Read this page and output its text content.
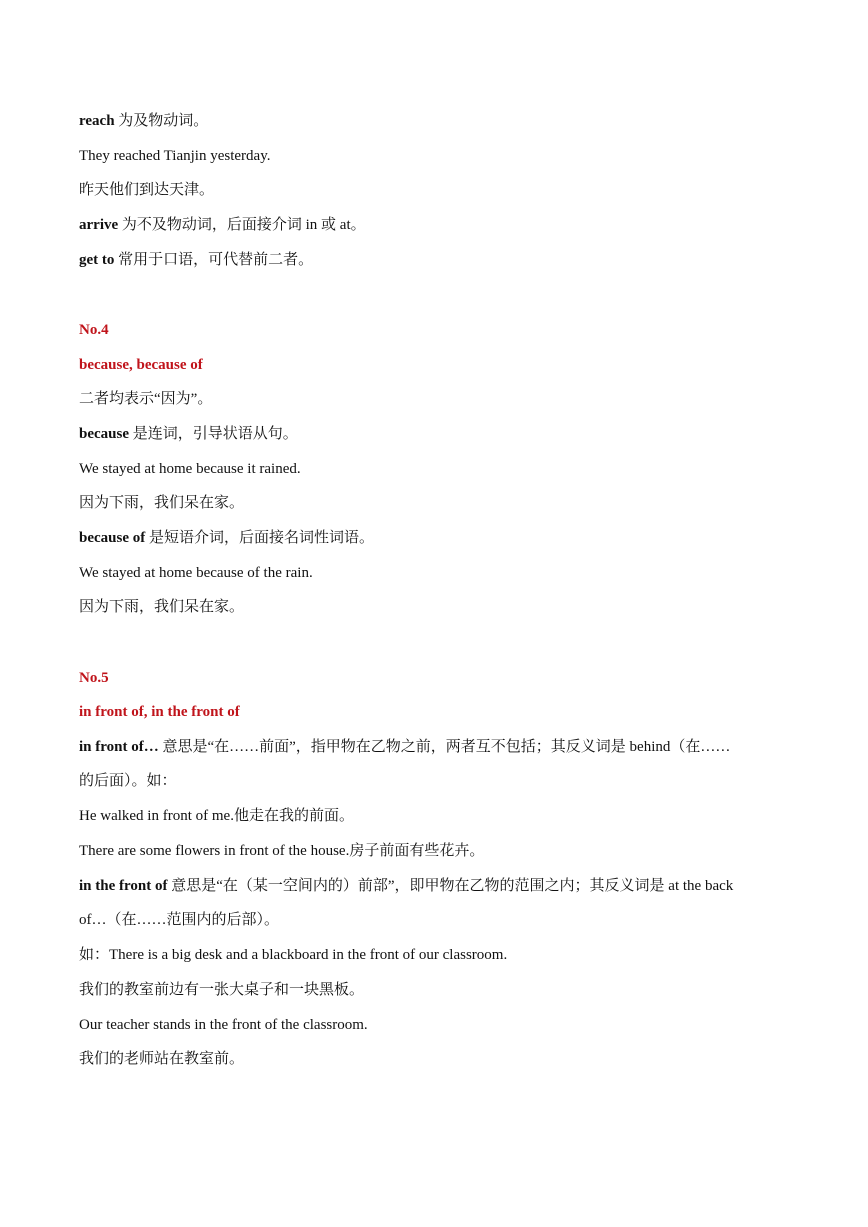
reach 为及物动词。
They reached Tianjin yesterday.
昨天他们到达天津。
arrive 为不及物动词，后面接介词 in 或 at。
get to 常用于口语，可代替前二者。
No.4
because, because of
二者均表示“因为”。
because 是连词，引导状语从句。
We stayed at home because it rained.
因为下雨，我们呆在家。
because of 是短语介词，后面接名词性词语。
We stayed at home because of the rain.
因为下雨，我们呆在家。
No.5
in front of, in the front of
in front of… 意思是“在……前面”，指甲物在乙物之前，两者互不包括；其反义词是 behind（在……
的后面）。如：
He walked in front of me.他走在我的前面。
There are some flowers in front of the house.房子前面有些花卉。
in the front of 意思是“在（某一空间内的）前部”，即甲物在乙物的范围之内；其反义词是 at the back
of…（在……范围内的后部）。
如：There is a big desk and a blackboard in the front of our classroom.
我们的教室前边有一张大桌子和一块黑板。
Our teacher stands in the front of the classroom.
我们的老师站在教室前。
